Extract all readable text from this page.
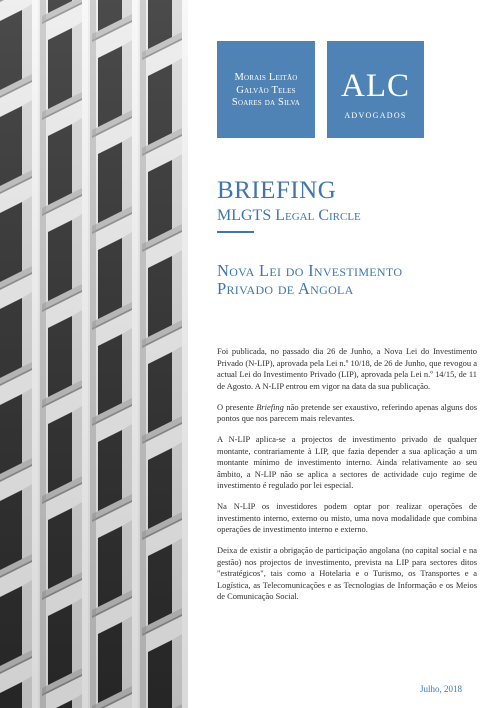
Morais Leitão
Galvão Teles
Soares da Silva	ALC
ADVOGADOS
BRIEFING
MLGTS Legal Circle
Nova Lei do Investimento
Privado de Angola

Foi publicada, no passado dia 26 de Junho, a Nova Lei do Investimento Privado (N-LIP), aprovada pela Lei n.º 10/18, de 26 de Junho, que revogou a actual Lei do Investimento Privado (LIP), aprovada pela Lei n.º 14/15, de 11 de Agosto. A N-LIP entrou em vigor na data da sua publicação.

O presente Briefing não pretende ser exaustivo, referindo apenas alguns dos pontos que nos parecem mais relevantes.

A N-LIP aplica-se a projectos de investimento privado de qualquer montante, contrariamente à LIP, que fazia depender a sua aplicação a um montante mínimo de investimento interno. Ainda relativamente ao seu âmbito, a N-LIP não se aplica a sectores de actividade cujo regime de investimento é regulado por lei especial.

Na N-LIP os investidores podem optar por realizar operações de investimento interno, externo ou misto, uma nova modalidade que combina operações de investimento interno e externo.

Deixa de existir a obrigação de participação angolana (no capital social e na gestão) nos projectos de investimento, prevista na LIP para sectores ditos "estratégicos", tais como a Hotelaria e o Turismo, os Transportes e a Logística, as Telecomunicações e as Tecnologias de Informação e os Meios de Comunicação Social.

Julho, 2018
